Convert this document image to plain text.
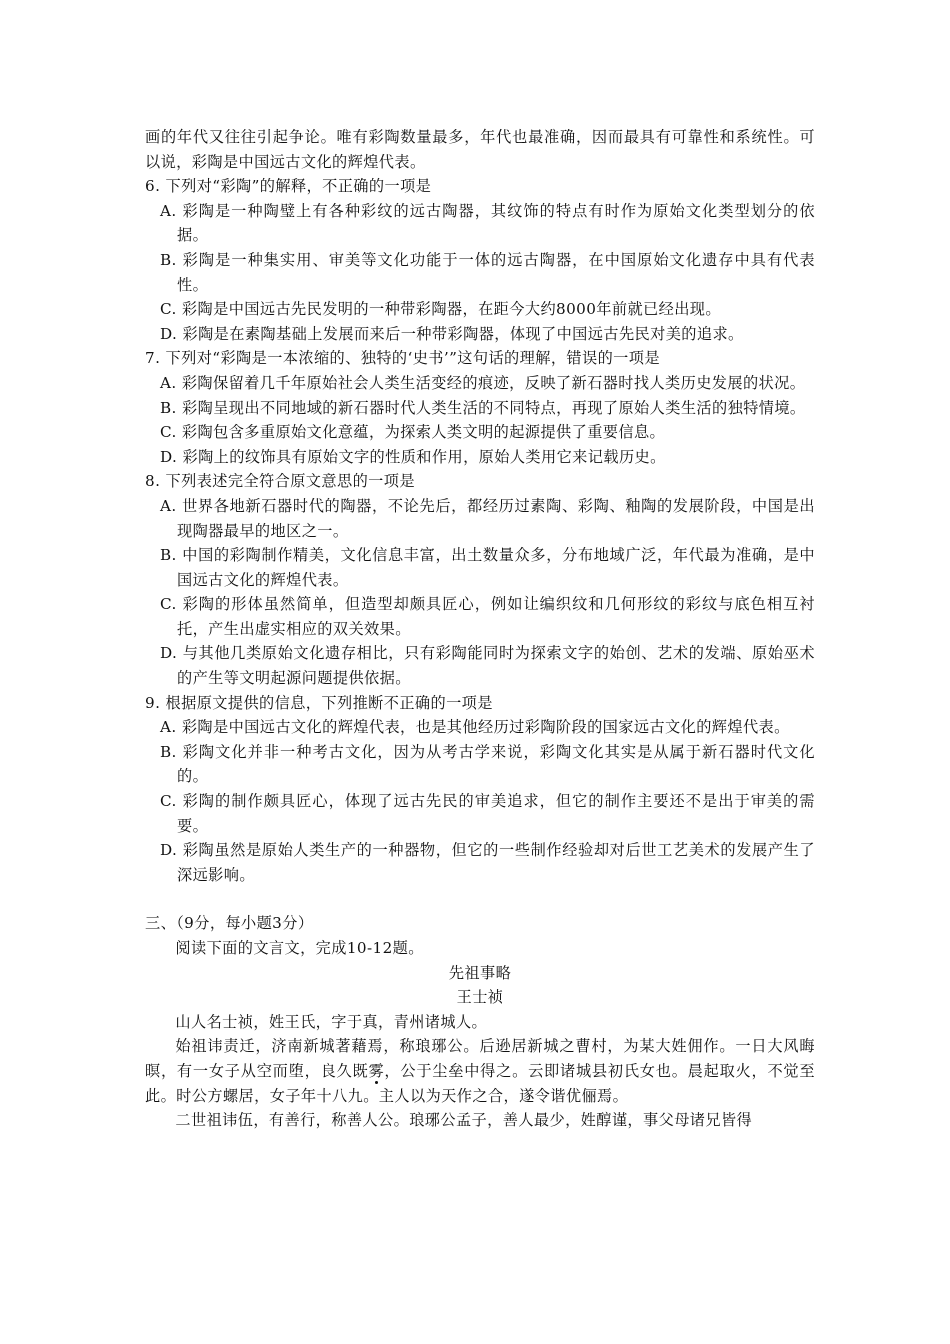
画的年代又往往引起争论。唯有彩陶数量最多，年代也最准确，因而最具有可靠性和系统性。可以说，彩陶是中国远古文化的辉煌代表。

6. 下列对“彩陶”的解释，不正确的一项是

A. 彩陶是一种陶璧上有各种彩纹的远古陶器，其纹饰的特点有时作为原始文化类型划分的依据。

B. 彩陶是一种集实用、审美等文化功能于一体的远古陶器，在中国原始文化遗存中具有代表性。

C. 彩陶是中国远古先民发明的一种带彩陶器，在距今大约8000年前就已经出现。

D. 彩陶是在素陶基础上发展而来后一种带彩陶器，体现了中国远古先民对美的追求。

7. 下列对“彩陶是一本浓缩的、独特的‘史书’”这句话的理解，错误的一项是

A. 彩陶保留着几千年原始社会人类生活变经的痕迹，反映了新石器时找人类历史发展的状况。

B. 彩陶呈现出不同地域的新石器时代人类生活的不同特点，再现了原始人类生活的独特情境。

C. 彩陶包含多重原始文化意蕴，为探索人类文明的起源提供了重要信息。

D. 彩陶上的纹饰具有原始文字的性质和作用，原始人类用它来记载历史。

8. 下列表述完全符合原文意思的一项是

A. 世界各地新石器时代的陶器，不论先后，都经历过素陶、彩陶、釉陶的发展阶段，中国是出现陶器最早的地区之一。

B. 中国的彩陶制作精美，文化信息丰富，出土数量众多，分布地域广泛，年代最为准确，是中国远古文化的辉煌代表。

C. 彩陶的形体虽然简单，但造型却颇具匠心，例如让编织纹和几何形纹的彩纹与底色相互衬托，产生出虚实相应的双关效果。

D. 与其他几类原始文化遗存相比，只有彩陶能同时为探索文字的始创、艺术的发端、原始巫术的产生等文明起源问题提供依据。

9. 根据原文提供的信息，下列推断不正确的一项是

A. 彩陶是中国远古文化的辉煌代表，也是其他经历过彩陶阶段的国家远古文化的辉煌代表。

B. 彩陶文化并非一种考古文化，因为从考古学来说，彩陶文化其实是从属于新石器时代文化的。

C. 彩陶的制作颇具匠心，体现了远古先民的审美追求，但它的制作主要还不是出于审美的需要。

D. 彩陶虽然是原始人类生产的一种器物，但它的一些制作经验却对后世工艺美术的发展产生了深远影响。

三、（9分，每小题3分）

阅读下面的文言文，完成10-12题。

先祖事略

王士祯

山人名士祯，姓王氏，字于真，青州诸城人。

始祖讳责迁，济南新城著藉焉，称琅琊公。后逊居新城之曹村，为某大姓佣作。一日大风晦暝，有一女子从空而堕，良久既雾，公于尘垒中得之。云即诸城县初氏女也。晨起取火，不觉至此。时公方螺居，女子年十八九。主人以为天作之合，遂令谐优俪焉。

二世祖讳伍，有善行，称善人公。琅琊公孟子，善人最少，姓醇谨，事父母诸兄皆得
